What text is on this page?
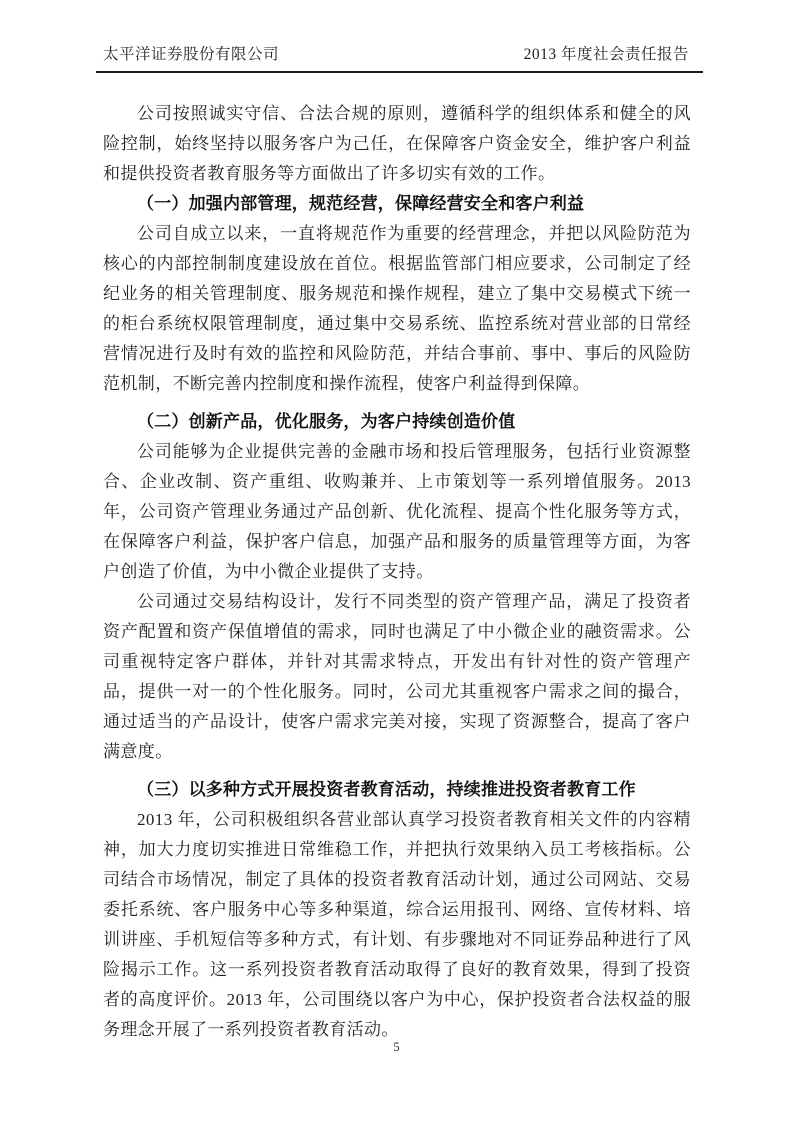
太平洋证券股份有限公司	2013 年度社会责任报告

公司按照诚实守信、合法合规的原则，遵循科学的组织体系和健全的风险控制，始终坚持以服务客户为己任，在保障客户资金安全，维护客户利益和提供投资者教育服务等方面做出了许多切实有效的工作。

（一）加强内部管理，规范经营，保障经营安全和客户利益

公司自成立以来，一直将规范作为重要的经营理念，并把以风险防范为核心的内部控制制度建设放在首位。根据监管部门相应要求，公司制定了经纪业务的相关管理制度、服务规范和操作规程，建立了集中交易模式下统一的柜台系统权限管理制度，通过集中交易系统、监控系统对营业部的日常经营情况进行及时有效的监控和风险防范，并结合事前、事中、事后的风险防范机制，不断完善内控制度和操作流程，使客户利益得到保障。

（二）创新产品，优化服务，为客户持续创造价值

公司能够为企业提供完善的金融市场和投后管理服务，包括行业资源整合、企业改制、资产重组、收购兼并、上市策划等一系列增值服务。2013 年，公司资产管理业务通过产品创新、优化流程、提高个性化服务等方式，在保障客户利益，保护客户信息，加强产品和服务的质量管理等方面，为客户创造了价值，为中小微企业提供了支持。

公司通过交易结构设计，发行不同类型的资产管理产品，满足了投资者资产配置和资产保值增值的需求，同时也满足了中小微企业的融资需求。公司重视特定客户群体，并针对其需求特点，开发出有针对性的资产管理产品，提供一对一的个性化服务。同时，公司尤其重视客户需求之间的撮合，通过适当的产品设计，使客户需求完美对接，实现了资源整合，提高了客户满意度。

（三）以多种方式开展投资者教育活动，持续推进投资者教育工作

2013 年，公司积极组织各营业部认真学习投资者教育相关文件的内容精神，加大力度切实推进日常维稳工作，并把执行效果纳入员工考核指标。公司结合市场情况，制定了具体的投资者教育活动计划，通过公司网站、交易委托系统、客户服务中心等多种渠道，综合运用报刊、网络、宣传材料、培训讲座、手机短信等多种方式，有计划、有步骤地对不同证券品种进行了风险揭示工作。这一系列投资者教育活动取得了良好的教育效果，得到了投资者的高度评价。2013 年，公司围绕以客户为中心，保护投资者合法权益的服务理念开展了一系列投资者教育活动。

5
